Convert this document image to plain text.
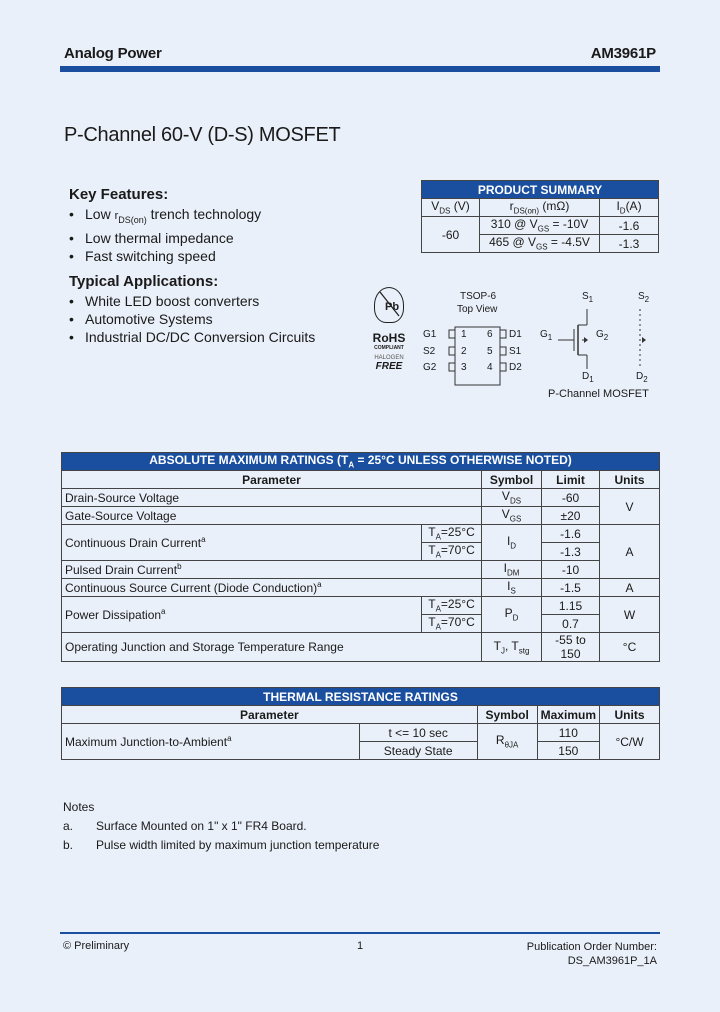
Analog Power	AM3961P
P-Channel 60-V (D-S) MOSFET
Key Features:
• Low $r_{DS(on)}$ trench technology
• Low thermal impedance
• Fast switching speed
Typical Applications:
• White LED boost converters
• Automotive Systems
• Industrial DC/DC Conversion Circuits
PRODUCT SUMMARY		
$V_{DS}$ (V)	$r_{DS(on)}$ (mΩ)	$I_D(A)$
-60	310 @ $V_{GS} = -10V$	-1.6
	465 @ $V_{GS} = -4.5V$	-1.3
Pb
RoHS
COMPLIANT
HALOGEN
FREE
TSOP-6
Top View
G1
S2
G2
1
2
3
6
5
4
D1
S1
D2
$S_1$	$S_2$
$G_1$	$G_2$
$D_1$	$D_2$
P-Channel MOSFET
ABSOLUTE MAXIMUM RATINGS ($T_A = 25^\circ C$ UNLESS OTHERWISE NOTED)				
Parameter		Symbol	Limit	Units
Drain-Source Voltage		$V_{DS}$	-60	V
Gate-Source Voltage		$V_{GS}$	±20	
Continuous Drain Current$^a$	$T_A=25^\circ C$	$I_D$	-1.6	A
	$T_A=70^\circ C$		-1.3	
Pulsed Drain Current$^b$		$I_{DM}$	-10	
Continuous Source Current (Diode Conduction)$^a$		$I_S$	-1.5	A
Power Dissipation$^a$	$T_A=25^\circ C$	$P_D$	1.15	W
	$T_A=70^\circ C$		0.7	
Operating Junction and Storage Temperature Range		$T_J$, $T_{stg}$	-55 to 150	°C
THERMAL RESISTANCE RATINGS				
Parameter		Symbol	Maximum	Units
Maximum Junction-to-Ambient$^a$	t <= 10 sec	$R_{\theta JA}$	110	°C/W
	Steady State		150	
Notes
a.	Surface Mounted on 1" x 1" FR4 Board.
b.	Pulse width limited by maximum junction temperature
© Preliminary	1	Publication Order Number:
DS_AM3961P_1A
